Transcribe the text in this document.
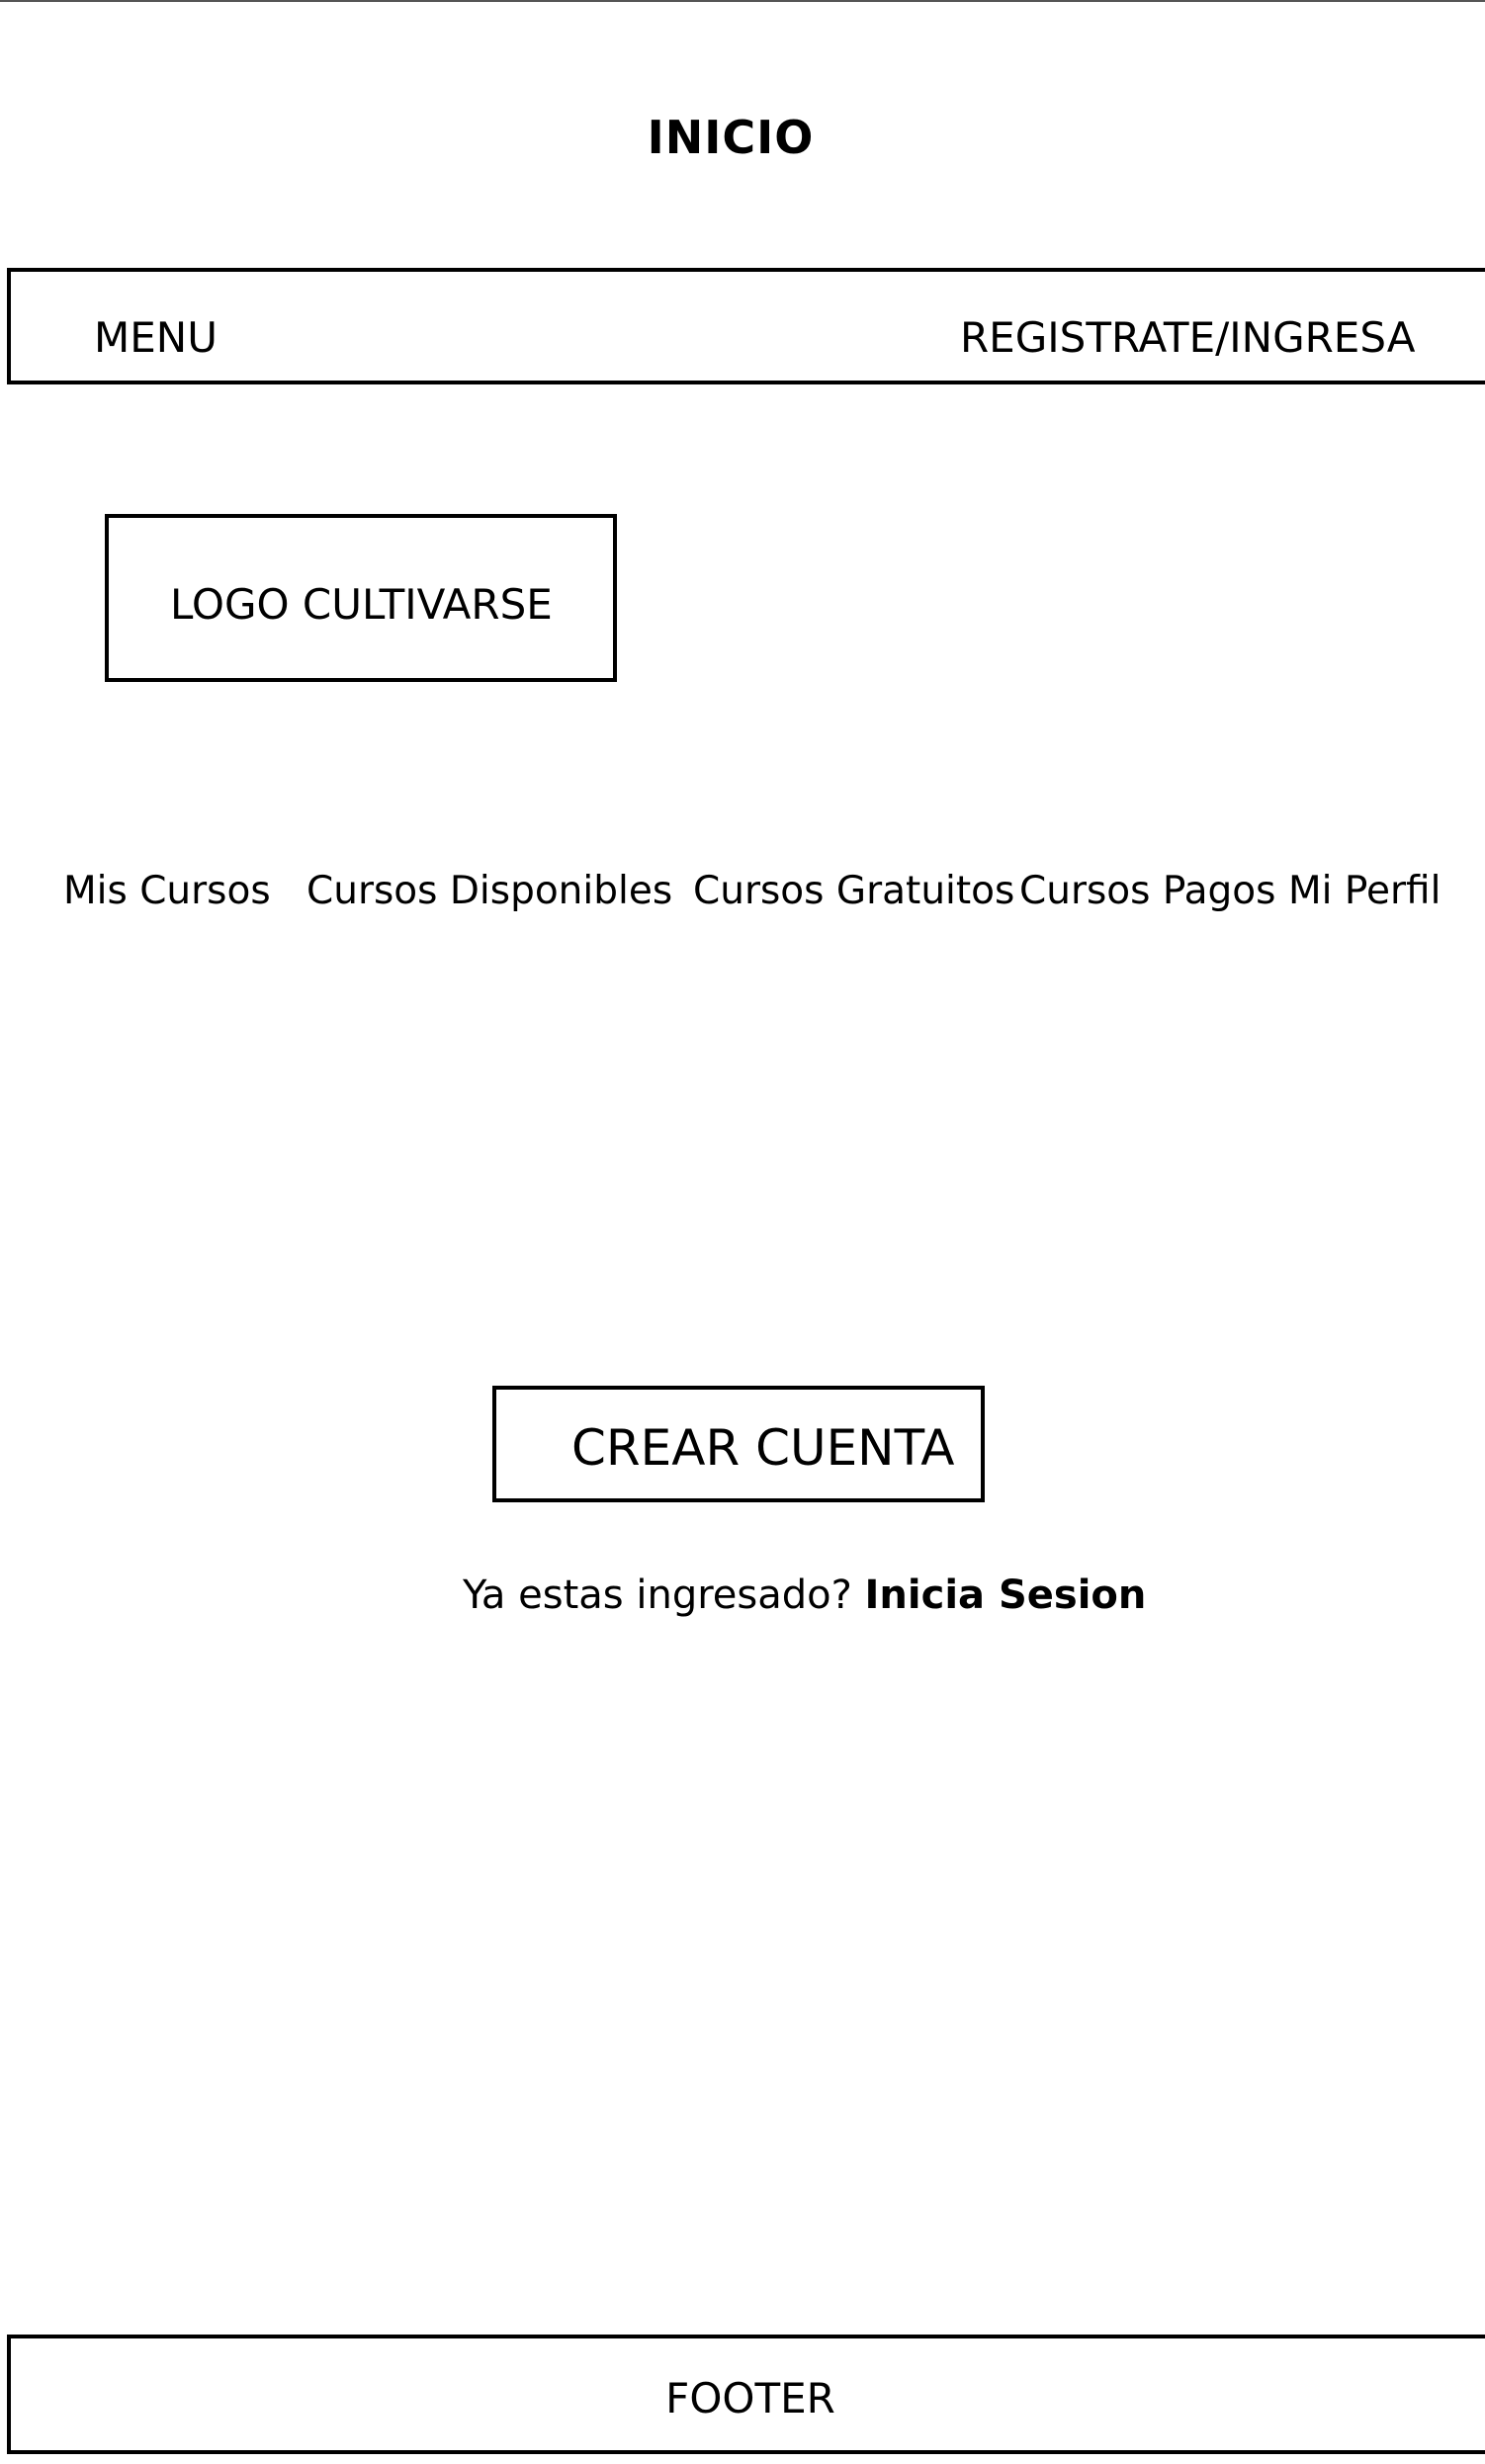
INICIO
MENU	REGISTRATE/INGRESA
LOGO CULTIVARSE
Mis Cursos Cursos Disponibles Cursos Gratuitos Cursos Pagos Mi Perfil
CREAR CUENTA
Ya estas ingresado? Inicia Sesion
FOOTER
